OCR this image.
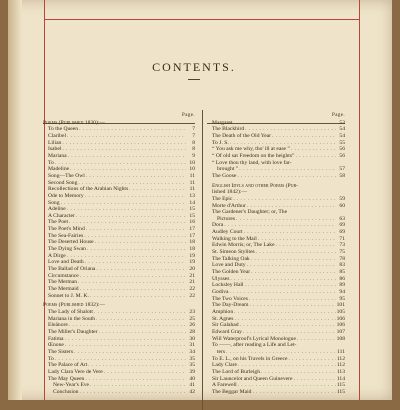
CONTENTS.
Page.
Poems (Published 1830):—
To the Queen . . .	7
Claribel . . .	7
Lilian . . .	8
Isabel . . .	8
Mariana . . .	9
To . . .	10
Madeline . . .	10
Song—The Owl . . .	11
Second Song . . .	11
Recollections of the Arabian Nights . . .	11
Ode to Memory . . .	13
Song . . .	14
Adeline . . .	15
A Character . . .	15
The Poet . . .	16
The Poet's Mind . . .	17
The Sea-Fairies . . .	17
The Deserted House . . .	18
The Dying Swan . . .	18
A Dirge . . .	19
Love and Death . . .	19
The Ballad of Oriana . . .	20
Circumstance . . .	21
The Merman . . .	21
The Mermaid . . .	22
Sonnet to J. M. K. . . .	22
Poems (Published 1832):—
The Lady of Shalott . . .	23
Mariana in the South . . .	25
Eleänore . . .	26
The Miller's Daughter . . .	28
Fatima . . .	30
Œnone . . .	31
The Sisters . . .	34
To . . .	35
The Palace of Art . . .	35
Lady Clara Vere de Vere . . .	39
The May Queen . . .	40
New-Year's Eve . . .	41
Conclusion . . .	42
Page.
Margaret . . .	53
The Blackbird . . .	54
The Death of the Old Year . . .	54
To J. S. . . .	55
“ You ask me why, tho' ill at ease ” . . .	56
“ Of old sat Freedom on the heights” . . .	56
“ Love thou thy land, with love far-
brought ” . . .	57
The Goose . . .	58
English Idyls and other Poems (Pub-
lished 1842):—
The Epic . . .	59
Morte d'Arthur . . .	60
The Gardener's Daughter; or, The
Pictures . . .	63
Dora . . .	69
Audley Court . . .	69
Walking to the Mail . . .	71
Edwin Morris; or, The Lake . . .	73
St. Simeon Stylites . . .	75
The Talking Oak . . .	78
Love and Duty . . .	83
The Golden Year . . .	85
Ulysses . . .	86
Locksley Hall . . .	89
Godiva . . .	94
The Two Voices . . .	95
The Day-Dream . . .	101
Amphion . . .	105
St. Agnes . . .	106
Sir Galahad . . .	106
Edward Gray . . .	107
Will Waterproof's Lyrical Monologue . . .	108
To ——, after reading a Life and Let-
ters . . .	111
To E. L., on his Travels in Greece . . .	112
Lady Clare . . .	112
The Lord of Burleigh . . .	113
Sir Launcelot and Queen Guinevere . . .	114
A Farewell . . .	115
The Beggar Maid . . .	115
